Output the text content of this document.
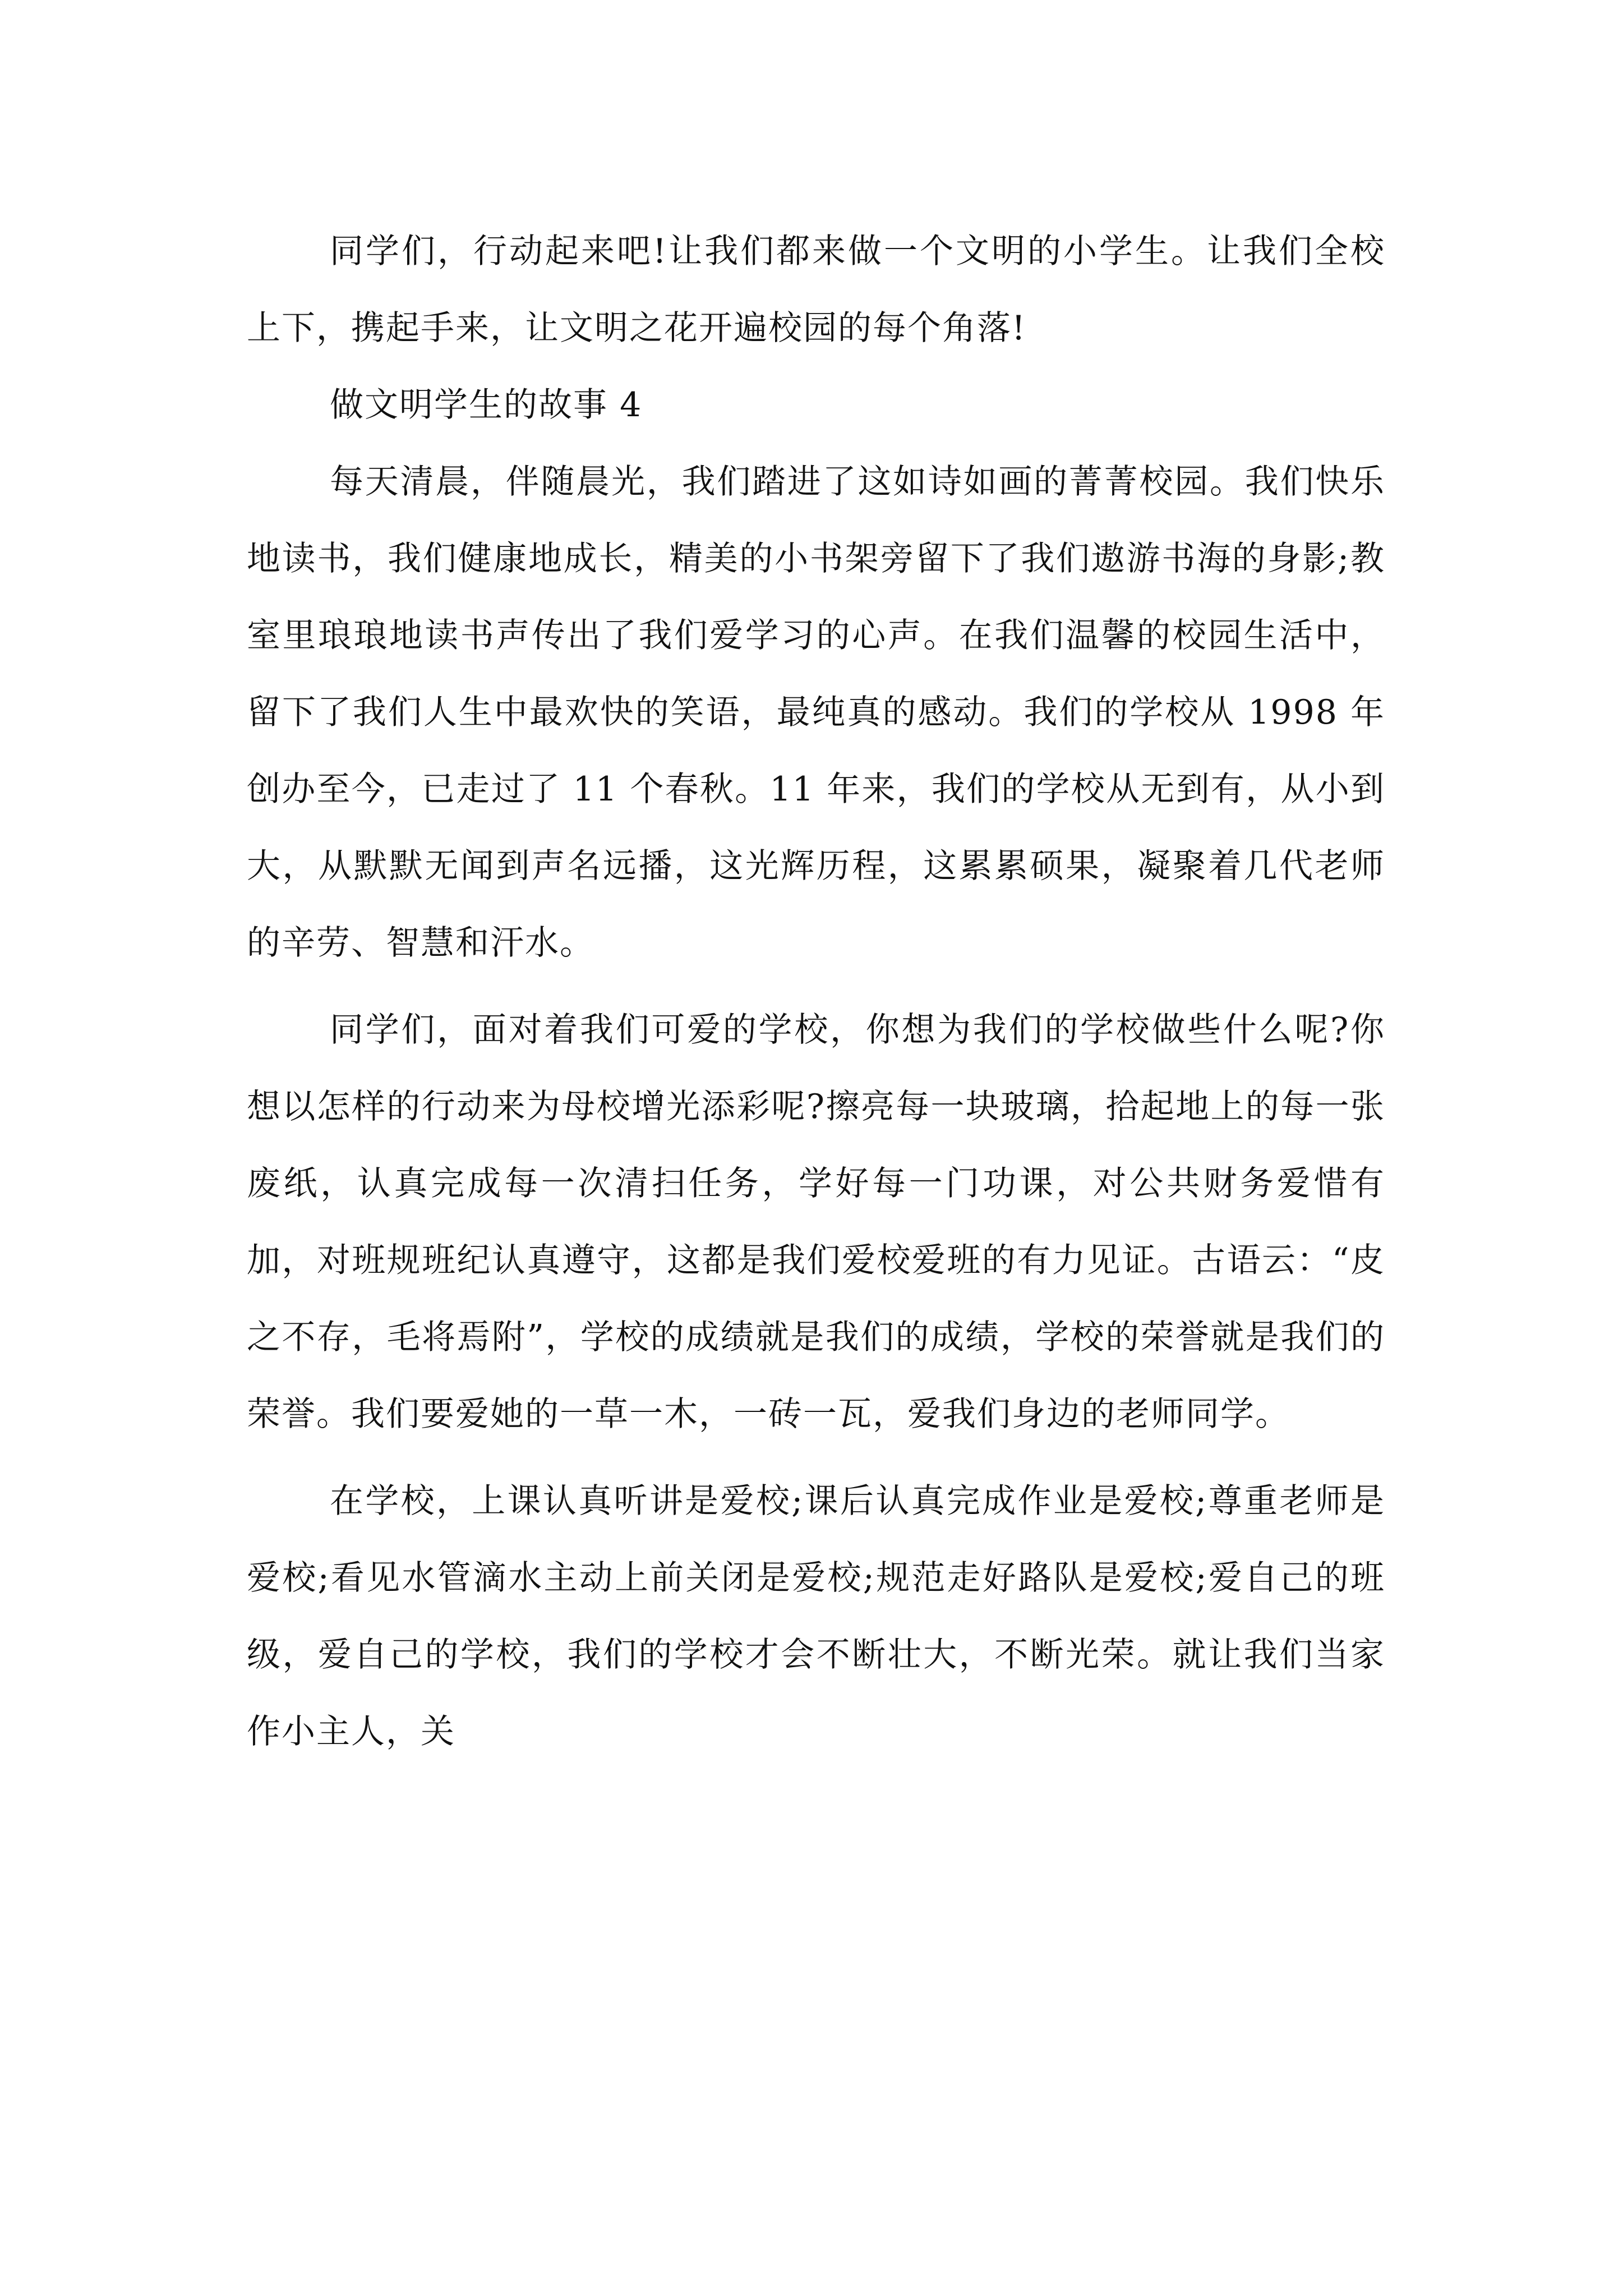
同学们，行动起来吧!让我们都来做一个文明的小学生。让我们全校上下，携起手来，让文明之花开遍校园的每个角落!

做文明学生的故事 4

每天清晨，伴随晨光，我们踏进了这如诗如画的菁菁校园。我们快乐地读书，我们健康地成长，精美的小书架旁留下了我们遨游书海的身影;教室里琅琅地读书声传出了我们爱学习的心声。在我们温馨的校园生活中，留下了我们人生中最欢快的笑语，最纯真的感动。我们的学校从 1998 年创办至今，已走过了 11 个春秋。11 年来，我们的学校从无到有，从小到大，从默默无闻到声名远播，这光辉历程，这累累硕果，凝聚着几代老师的辛劳、智慧和汗水。

同学们，面对着我们可爱的学校，你想为我们的学校做些什么呢?你想以怎样的行动来为母校增光添彩呢?擦亮每一块玻璃，拾起地上的每一张废纸，认真完成每一次清扫任务，学好每一门功课，对公共财务爱惜有加，对班规班纪认真遵守，这都是我们爱校爱班的有力见证。古语云：“皮之不存，毛将焉附”，学校的成绩就是我们的成绩，学校的荣誉就是我们的荣誉。我们要爱她的一草一木，一砖一瓦，爱我们身边的老师同学。

在学校，上课认真听讲是爱校;课后认真完成作业是爱校;尊重老师是爱校;看见水管滴水主动上前关闭是爱校;规范走好路队是爱校;爱自己的班级，爱自己的学校，我们的学校才会不断壮大，不断光荣。就让我们当家作小主人，关
